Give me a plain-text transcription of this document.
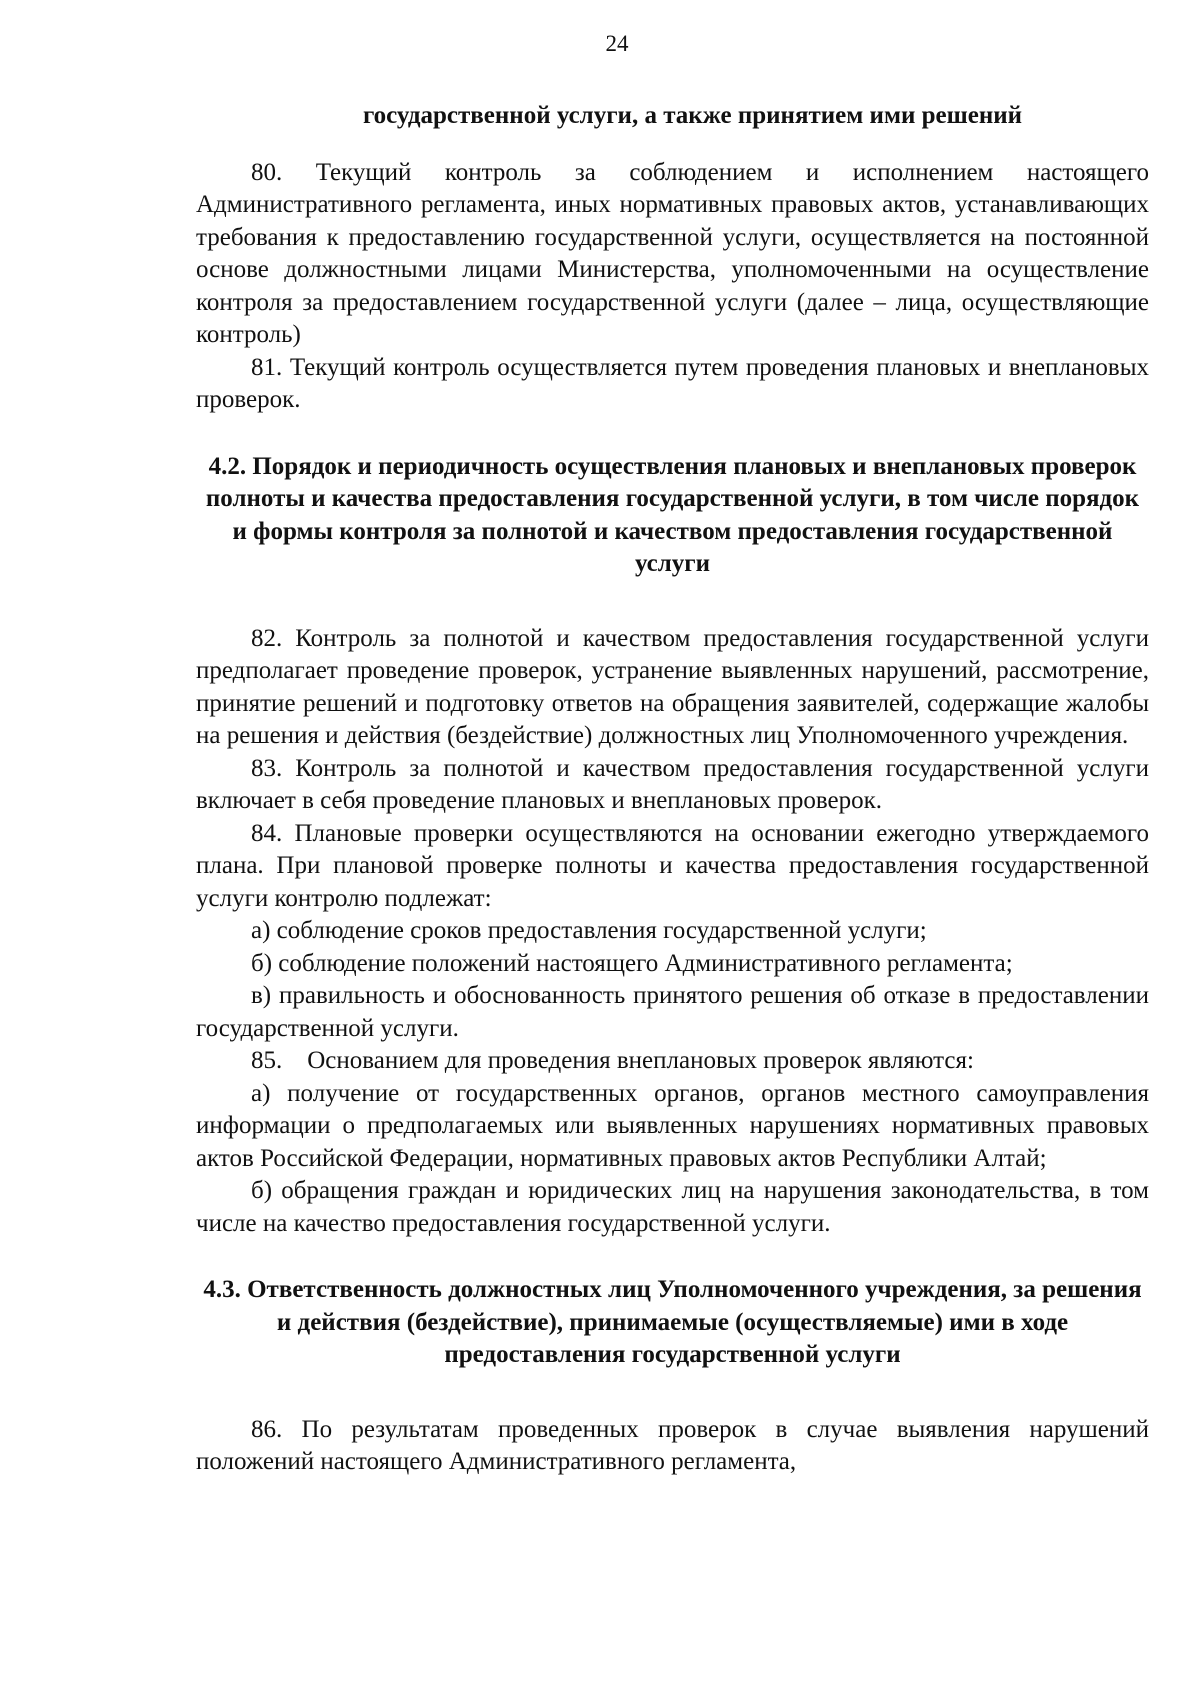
24

государственной услуги, а также принятием ими решений

80. Текущий контроль за соблюдением и исполнением настоящего Административного регламента, иных нормативных правовых актов, устанавливающих требования к предоставлению государственной услуги, осуществляется на постоянной основе должностными лицами Министерства, уполномоченными на осуществление контроля за предоставлением государственной услуги (далее – лица, осуществляющие контроль)

81. Текущий контроль осуществляется путем проведения плановых и внеплановых проверок.

4.2. Порядок и периодичность осуществления плановых и внеплановых проверок полноты и качества предоставления государственной услуги, в том числе порядок и формы контроля за полнотой и качеством предоставления государственной услуги

82. Контроль за полнотой и качеством предоставления государственной услуги предполагает проведение проверок, устранение выявленных нарушений, рассмотрение, принятие решений и подготовку ответов на обращения заявителей, содержащие жалобы на решения и действия (бездействие) должностных лиц Уполномоченного учреждения.

83. Контроль за полнотой и качеством предоставления государственной услуги включает в себя проведение плановых и внеплановых проверок.

84. Плановые проверки осуществляются на основании ежегодно утверждаемого плана. При плановой проверке полноты и качества предоставления государственной услуги контролю подлежат:

а) соблюдение сроков предоставления государственной услуги;

б) соблюдение положений настоящего Административного регламента;

в) правильность и обоснованность принятого решения об отказе в предоставлении государственной услуги.

85.    Основанием для проведения внеплановых проверок являются:

а) получение от государственных органов, органов местного самоуправления информации о предполагаемых или выявленных нарушениях нормативных правовых актов Российской Федерации, нормативных правовых актов Республики Алтай;

б) обращения граждан и юридических лиц на нарушения законодательства, в том числе на качество предоставления государственной услуги.

4.3. Ответственность должностных лиц Уполномоченного учреждения, за решения и действия (бездействие), принимаемые (осуществляемые) ими в ходе предоставления государственной услуги

86. По результатам проведенных проверок в случае выявления нарушений положений настоящего Административного регламента,
